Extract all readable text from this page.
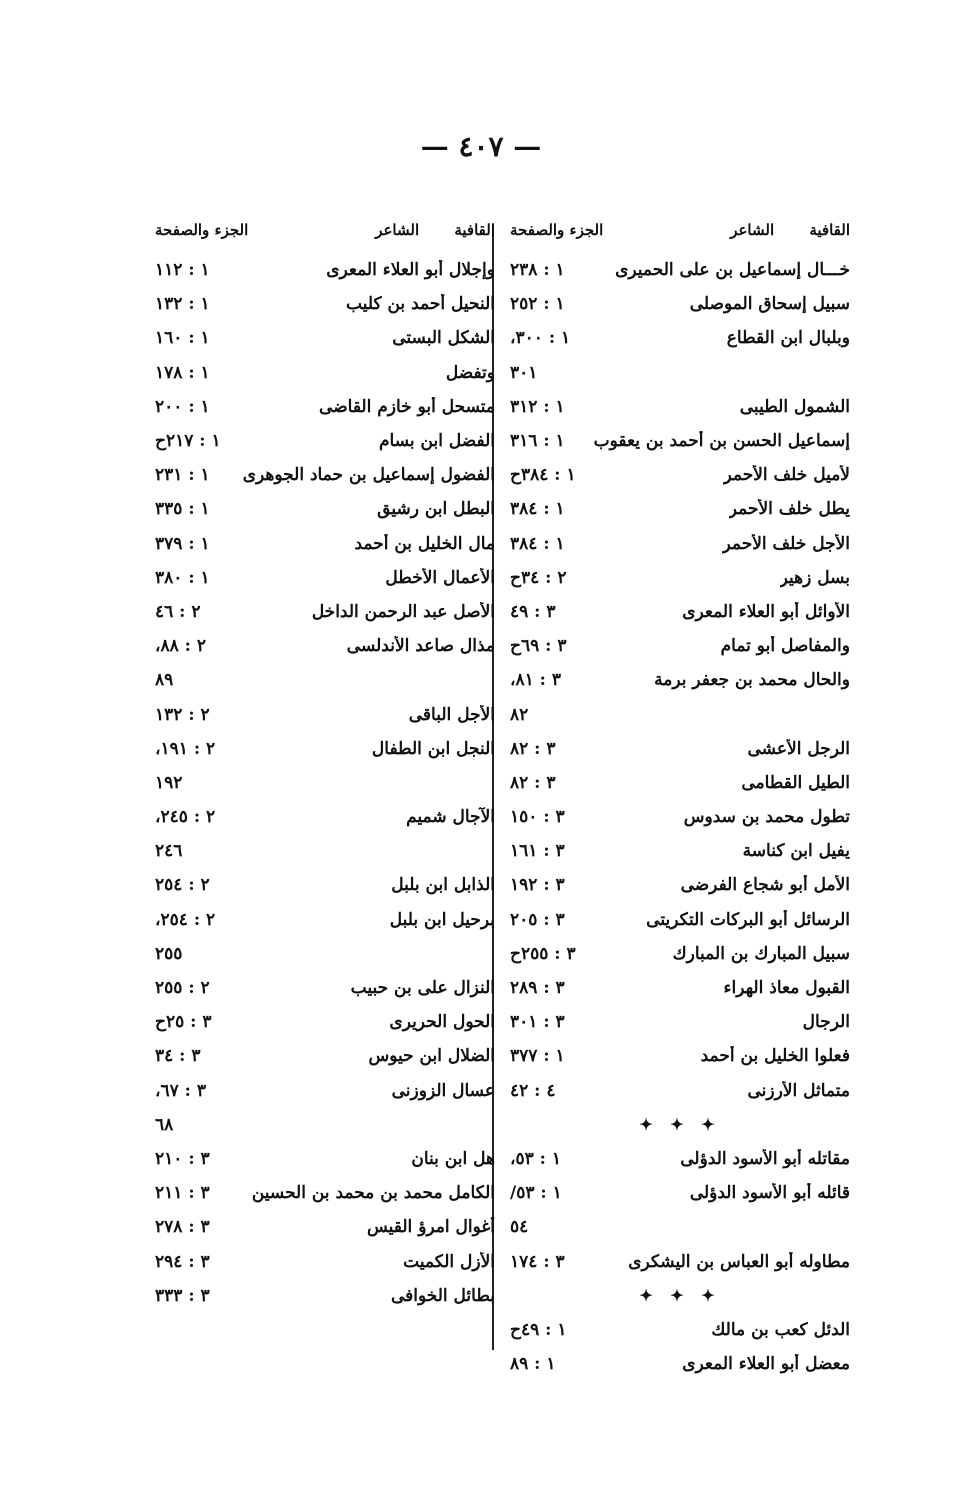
— ٤٠٧ —
القافية الشاعر
الجزء والصفحة
خـــال إسماعيل بن على الحميرى
١ : ٢٣٨
سبيل إسحاق الموصلى
١ : ٢٥٢
وبلبال ابن القطاع
١ : ٣٠٠،
٣٠١
الشمول الطيبى
١ : ٣١٢
إسماعيل الحسن بن أحمد بن يعقوب
١ : ٣١٦
لأميل خلف الأحمر
١ : ٣٨٤ح
يطل خلف الأحمر
١ : ٣٨٤
الأجل خلف الأحمر
١ : ٣٨٤
بسل زهير
٢ : ٣٤ح
الأوائل أبو العلاء المعرى
٣ : ٤٩
والمفاصل أبو تمام
٣ : ٦٩ح
والحال محمد بن جعفر برمة
٣ : ٨١،
٨٢
الرجل الأعشى
٣ : ٨٢
الطيل القطامى
٣ : ٨٢
تطول محمد بن سدوس
٣ : ١٥٠
يفيل ابن كناسة
٣ : ١٦١
الأمل أبو شجاع الفرضى
٣ : ١٩٢
الرسائل أبو البركات التكريتى
٣ : ٢٠٥
سبيل المبارك بن المبارك
٣ : ٢٥٥ح
القبول معاذ الهراء
٣ : ٢٨٩
الرجال
٣ : ٣٠١
فعلوا الخليل بن أحمد
١ : ٣٧٧
متماثل الأرزنى
٤ : ٤٢
✦ ✦ ✦
مقاتله أبو الأسود الدؤلى
١ : ٥٣،
قائله أبو الأسود الدؤلى
١ : ٥٣/
٥٤
مطاوله أبو العباس بن اليشكرى
٣ : ١٧٤
✦ ✦ ✦
الدئل كعب بن مالك
١ : ٤٩ح
معضل أبو العلاء المعرى
١ : ٨٩
القافية الشاعر
الجزء والصفحة
وإجلال أبو العلاء المعرى
١ : ١١٢
النحيل أحمد بن كليب
١ : ١٣٢
الشكل البستى
١ : ١٦٠
وتفضل
١ : ١٧٨
متسحل أبو خازم القاضى
١ : ٢٠٠
الفضل ابن بسام
١ : ٢١٧ح
الفضول إسماعيل بن حماد الجوهرى
١ : ٢٣١
البطل ابن رشيق
١ : ٣٣٥
مال الخليل بن أحمد
١ : ٣٧٩
الأعمال الأخطل
١ : ٣٨٠
الأصل عبد الرحمن الداخل
٢ : ٤٦
مذال صاعد الأندلسى
٢ : ٨٨،
٨٩
الأجل الباقى
٢ : ١٣٢
النجل ابن الطفال
٢ : ١٩١،
١٩٢
الآجال شميم
٢ : ٢٤٥،
٢٤٦
الذابل ابن بلبل
٢ : ٢٥٤
برحيل ابن بلبل
٢ : ٢٥٤،
٢٥٥
النزال على بن حبيب
٢ : ٢٥٥
الحول الحريرى
٣ : ٢٥ح
الضلال ابن حيوس
٣ : ٣٤
عسال الزوزنى
٣ : ٦٧،
٦٨
هل ابن بنان
٣ : ٢١٠
الكامل محمد بن محمد بن الحسين
٣ : ٢١١
أغوال امرؤ القيس
٣ : ٢٧٨
الأزل الكميت
٣ : ٢٩٤
بطائل الخوافى
٣ : ٣٣٣
